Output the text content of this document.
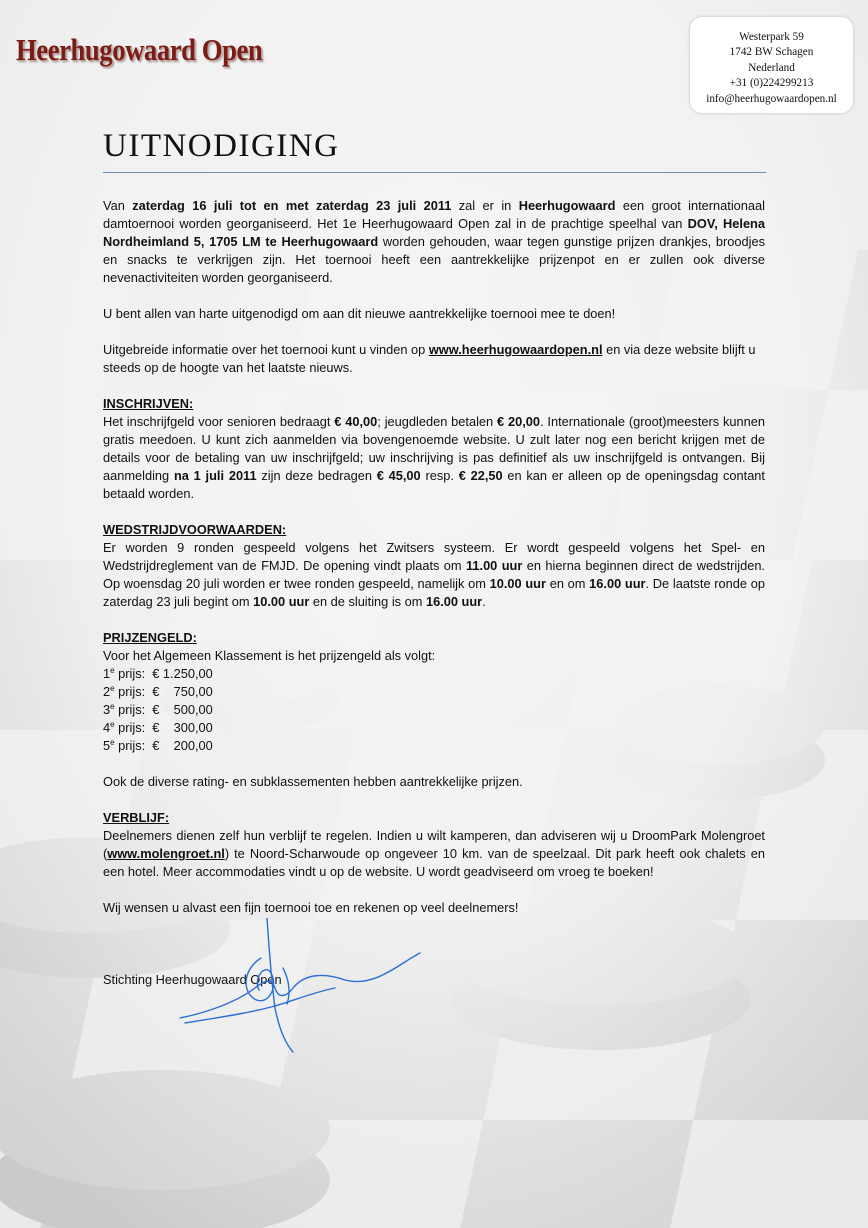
Heerhugowaard Open	Westerpark 59
1742 BW Schagen
Nederland
+31 (0)224299213
info@heerhugowaardopen.nl
UITNODIGING

Van zaterdag 16 juli tot en met zaterdag 23 juli 2011 zal er in Heerhugowaard een groot internationaal damtoernooi worden georganiseerd. Het 1e Heerhugowaard Open zal in de prachtige speelhal van DOV, Helena Nordheimland 5, 1705 LM te Heerhugowaard worden gehouden, waar tegen gunstige prijzen drankjes, broodjes en snacks te verkrijgen zijn. Het toernooi heeft een aantrekkelijke prijzenpot en er zullen ook diverse nevenactiviteiten worden georganiseerd.

U bent allen van harte uitgenodigd om aan dit nieuwe aantrekkelijke toernooi mee te doen!

Uitgebreide informatie over het toernooi kunt u vinden op www.heerhugowaardopen.nl en via deze website blijft u steeds op de hoogte van het laatste nieuws.

INSCHRIJVEN:

Het inschrijfgeld voor senioren bedraagt € 40,00; jeugdleden betalen € 20,00. Internationale (groot)meesters kunnen gratis meedoen. U kunt zich aanmelden via bovengenoemde website. U zult later nog een bericht krijgen met de details voor de betaling van uw inschrijfgeld; uw inschrijving is pas definitief als uw inschrijfgeld is ontvangen. Bij aanmelding na 1 juli 2011 zijn deze bedragen € 45,00 resp. € 22,50 en kan er alleen op de openingsdag contant betaald worden.

WEDSTRIJDVOORWAARDEN:

Er worden 9 ronden gespeeld volgens het Zwitsers systeem. Er wordt gespeeld volgens het Spel- en Wedstrijdreglement van de FMJD. De opening vindt plaats om 11.00 uur en hierna beginnen direct de wedstrijden. Op woensdag 20 juli worden er twee ronden gespeeld, namelijk om 10.00 uur en om 16.00 uur. De laatste ronde op zaterdag 23 juli begint om 10.00 uur en de sluiting is om 16.00 uur.

PRIJZENGELD:

Voor het Algemeen Klassement is het prijzengeld als volgt:

1e prijs:  € 1.250,00

2e prijs:  €    750,00

3e prijs:  €    500,00

4e prijs:  €    300,00

5e prijs:  €    200,00

Ook de diverse rating- en subklassementen hebben aantrekkelijke prijzen.

VERBLIJF:

Deelnemers dienen zelf hun verblijf te regelen. Indien u wilt kamperen, dan adviseren wij u DroomPark Molengroet (www.molengroet.nl) te Noord-Scharwoude op ongeveer 10 km. van de speelzaal. Dit park heeft ook chalets en een hotel. Meer accommodaties vindt u op de website. U wordt geadviseerd om vroeg te boeken!

Wij wensen u alvast een fijn toernooi toe en rekenen op veel deelnemers!

Stichting Heerhugowaard Open
